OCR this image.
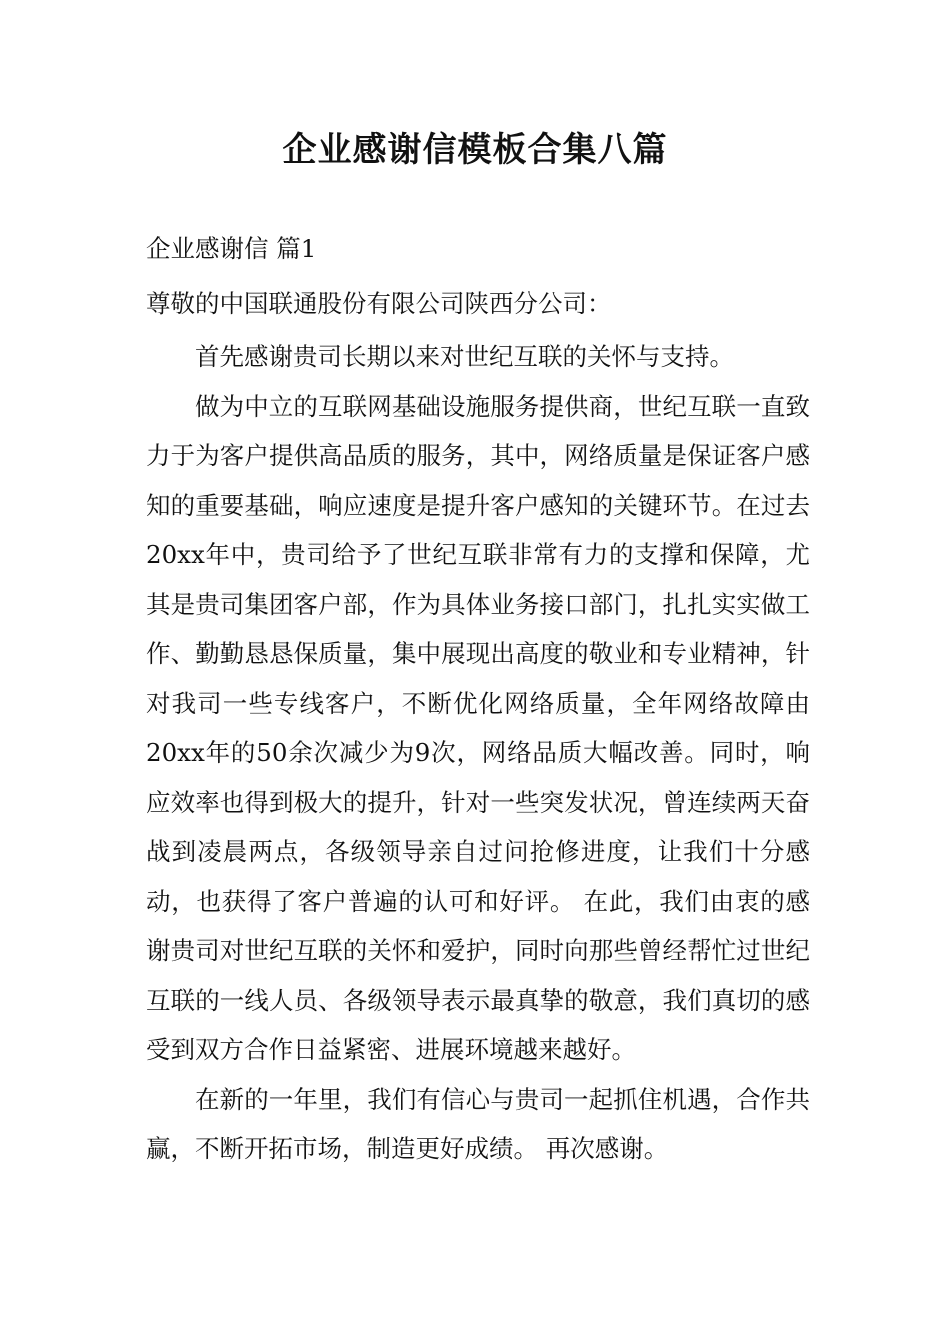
企业感谢信模板合集八篇

企业感谢信 篇1

尊敬的中国联通股份有限公司陕西分公司：

首先感谢贵司长期以来对世纪互联的关怀与支持。

做为中立的互联网基础设施服务提供商，世纪互联一直致力于为客户提供高品质的服务，其中，网络质量是保证客户感知的重要基础，响应速度是提升客户感知的关键环节。在过去20xx年中，贵司给予了世纪互联非常有力的支撑和保障，尤其是贵司集团客户部，作为具体业务接口部门，扎扎实实做工作、勤勤恳恳保质量，集中展现出高度的敬业和专业精神，针对我司一些专线客户，不断优化网络质量，全年网络故障由20xx年的50余次减少为9次，网络品质大幅改善。同时，响应效率也得到极大的提升，针对一些突发状况，曾连续两天奋战到凌晨两点，各级领导亲自过问抢修进度，让我们十分感动，也获得了客户普遍的认可和好评。 在此，我们由衷的感谢贵司对世纪互联的关怀和爱护，同时向那些曾经帮忙过世纪互联的一线人员、各级领导表示最真挚的敬意，我们真切的感受到双方合作日益紧密、进展环境越来越好。

在新的一年里，我们有信心与贵司一起抓住机遇，合作共赢，不断开拓市场，制造更好成绩。 再次感谢。
